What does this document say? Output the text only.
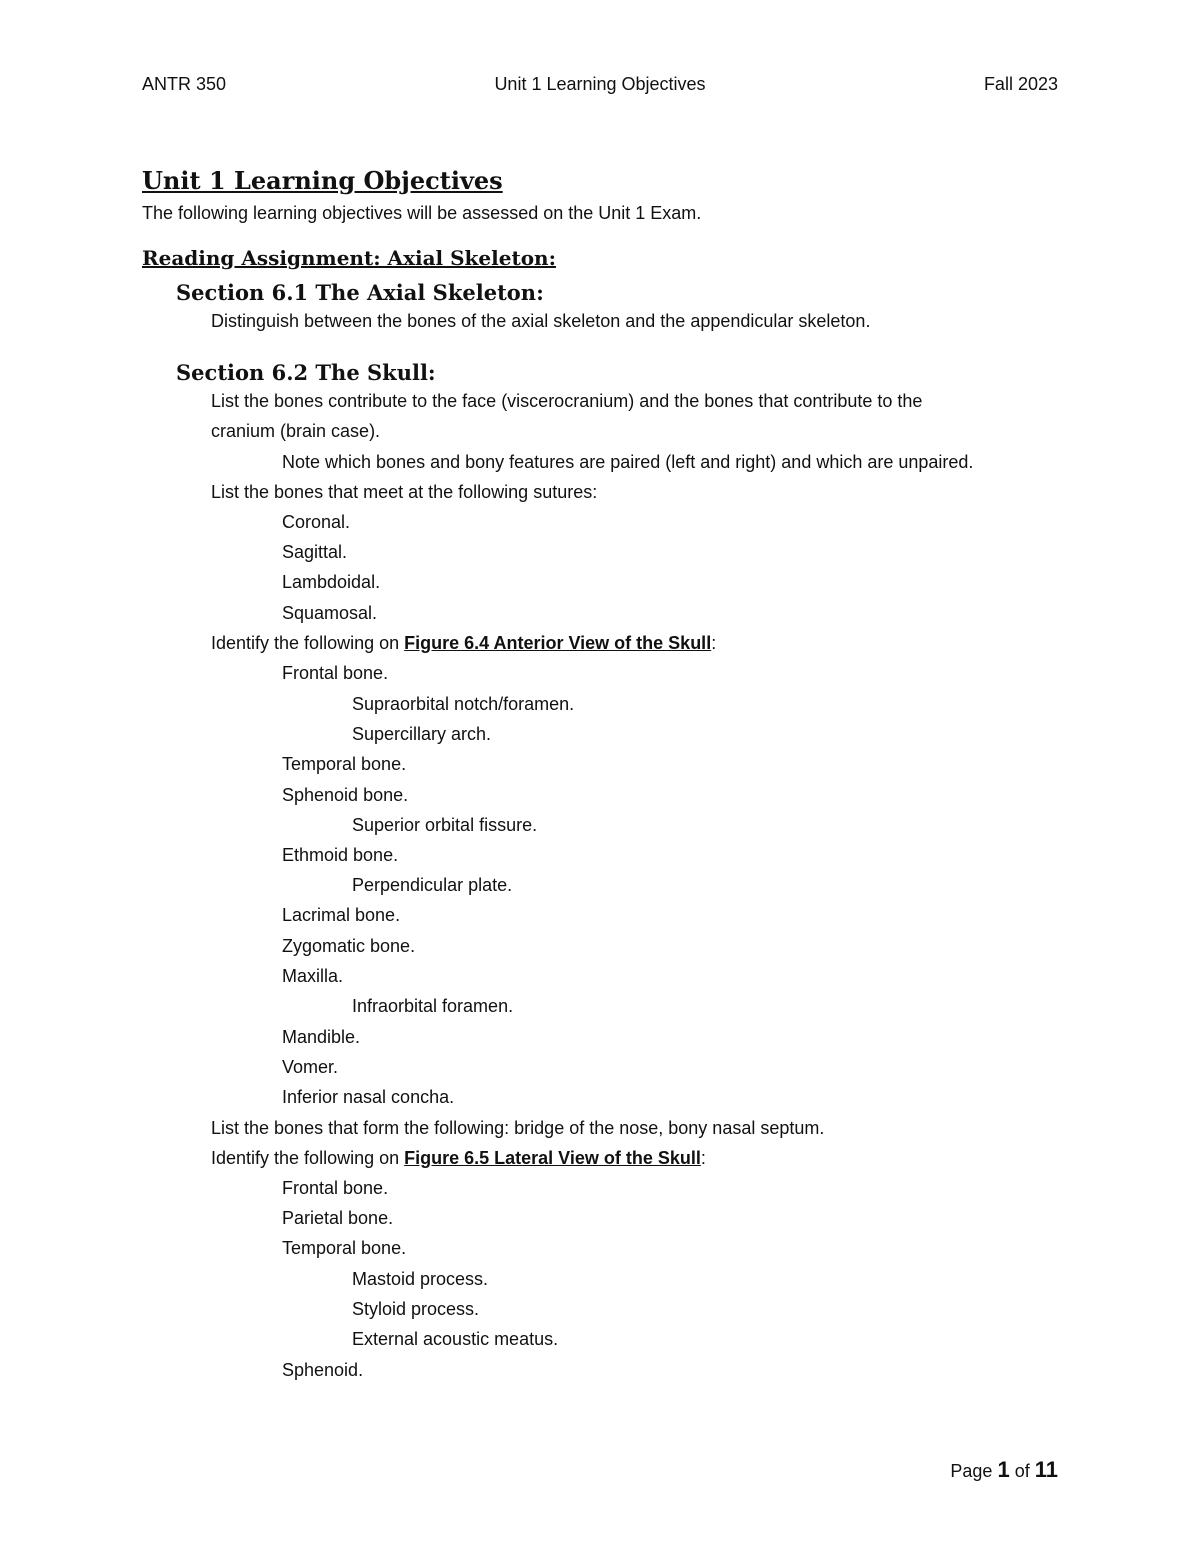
ANTR 350	Unit 1 Learning Objectives	Fall 2023
Unit 1 Learning Objectives
The following learning objectives will be assessed on the Unit 1 Exam.
Reading Assignment: Axial Skeleton:
Section 6.1 The Axial Skeleton:
Distinguish between the bones of the axial skeleton and the appendicular skeleton.
Section 6.2 The Skull:
List the bones contribute to the face (viscerocranium) and the bones that contribute to the
cranium (brain case).
Note which bones and bony features are paired (left and right) and which are unpaired.
List the bones that meet at the following sutures:
Coronal.
Sagittal.
Lambdoidal.
Squamosal.
Identify the following on Figure 6.4 Anterior View of the Skull:
Frontal bone.
Supraorbital notch/foramen.
Supercillary arch.
Temporal bone.
Sphenoid bone.
Superior orbital fissure.
Ethmoid bone.
Perpendicular plate.
Lacrimal bone.
Zygomatic bone.
Maxilla.
Infraorbital foramen.
Mandible.
Vomer.
Inferior nasal concha.
List the bones that form the following: bridge of the nose, bony nasal septum.
Identify the following on Figure 6.5 Lateral View of the Skull:
Frontal bone.
Parietal bone.
Temporal bone.
Mastoid process.
Styloid process.
External acoustic meatus.
Sphenoid.
Page 1 of 11
